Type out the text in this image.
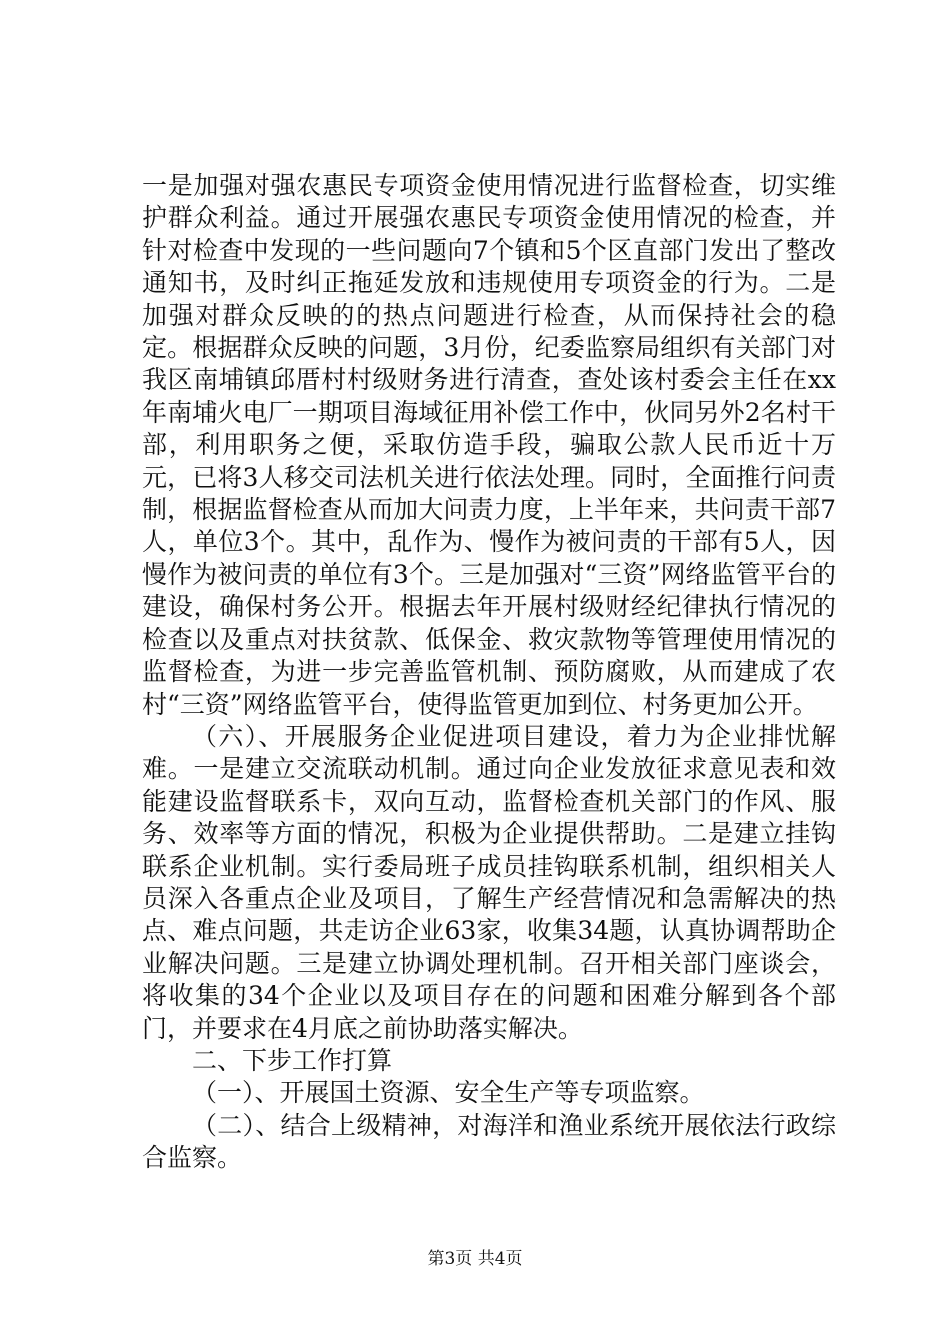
一是加强对强农惠民专项资金使用情况进行监督检查，切实维护群众利益。通过开展强农惠民专项资金使用情况的检查，并针对检查中发现的一些问题向7个镇和5个区直部门发出了整改通知书，及时纠正拖延发放和违规使用专项资金的行为。二是加强对群众反映的的热点问题进行检查，从而保持社会的稳定。根据群众反映的问题，3月份，纪委监察局组织有关部门对我区南埔镇邱厝村村级财务进行清查，查处该村委会主任在xx年南埔火电厂一期项目海域征用补偿工作中，伙同另外2名村干部，利用职务之便，采取仿造手段，骗取公款人民币近十万元，已将3人移交司法机关进行依法处理。同时，全面推行问责制，根据监督检查从而加大问责力度，上半年来，共问责干部7人，单位3个。其中，乱作为、慢作为被问责的干部有5人，因慢作为被问责的单位有3个。三是加强对“三资”网络监管平台的建设，确保村务公开。根据去年开展村级财经纪律执行情况的检查以及重点对扶贫款、低保金、救灾款物等管理使用情况的监督检查，为进一步完善监管机制、预防腐败，从而建成了农村“三资”网络监管平台，使得监管更加到位、村务更加公开。

（六）、开展服务企业促进项目建设，着力为企业排忧解难。一是建立交流联动机制。通过向企业发放征求意见表和效能建设监督联系卡，双向互动，监督检查机关部门的作风、服务、效率等方面的情况，积极为企业提供帮助。二是建立挂钩联系企业机制。实行委局班子成员挂钩联系机制，组织相关人员深入各重点企业及项目，了解生产经营情况和急需解决的热点、难点问题，共走访企业63家，收集34题，认真协调帮助企业解决问题。三是建立协调处理机制。召开相关部门座谈会，将收集的34个企业以及项目存在的问题和困难分解到各个部门，并要求在4月底之前协助落实解决。

二、下步工作打算

（一）、开展国土资源、安全生产等专项监察。

（二）、结合上级精神，对海洋和渔业系统开展依法行政综合监察。

第3页 共4页
